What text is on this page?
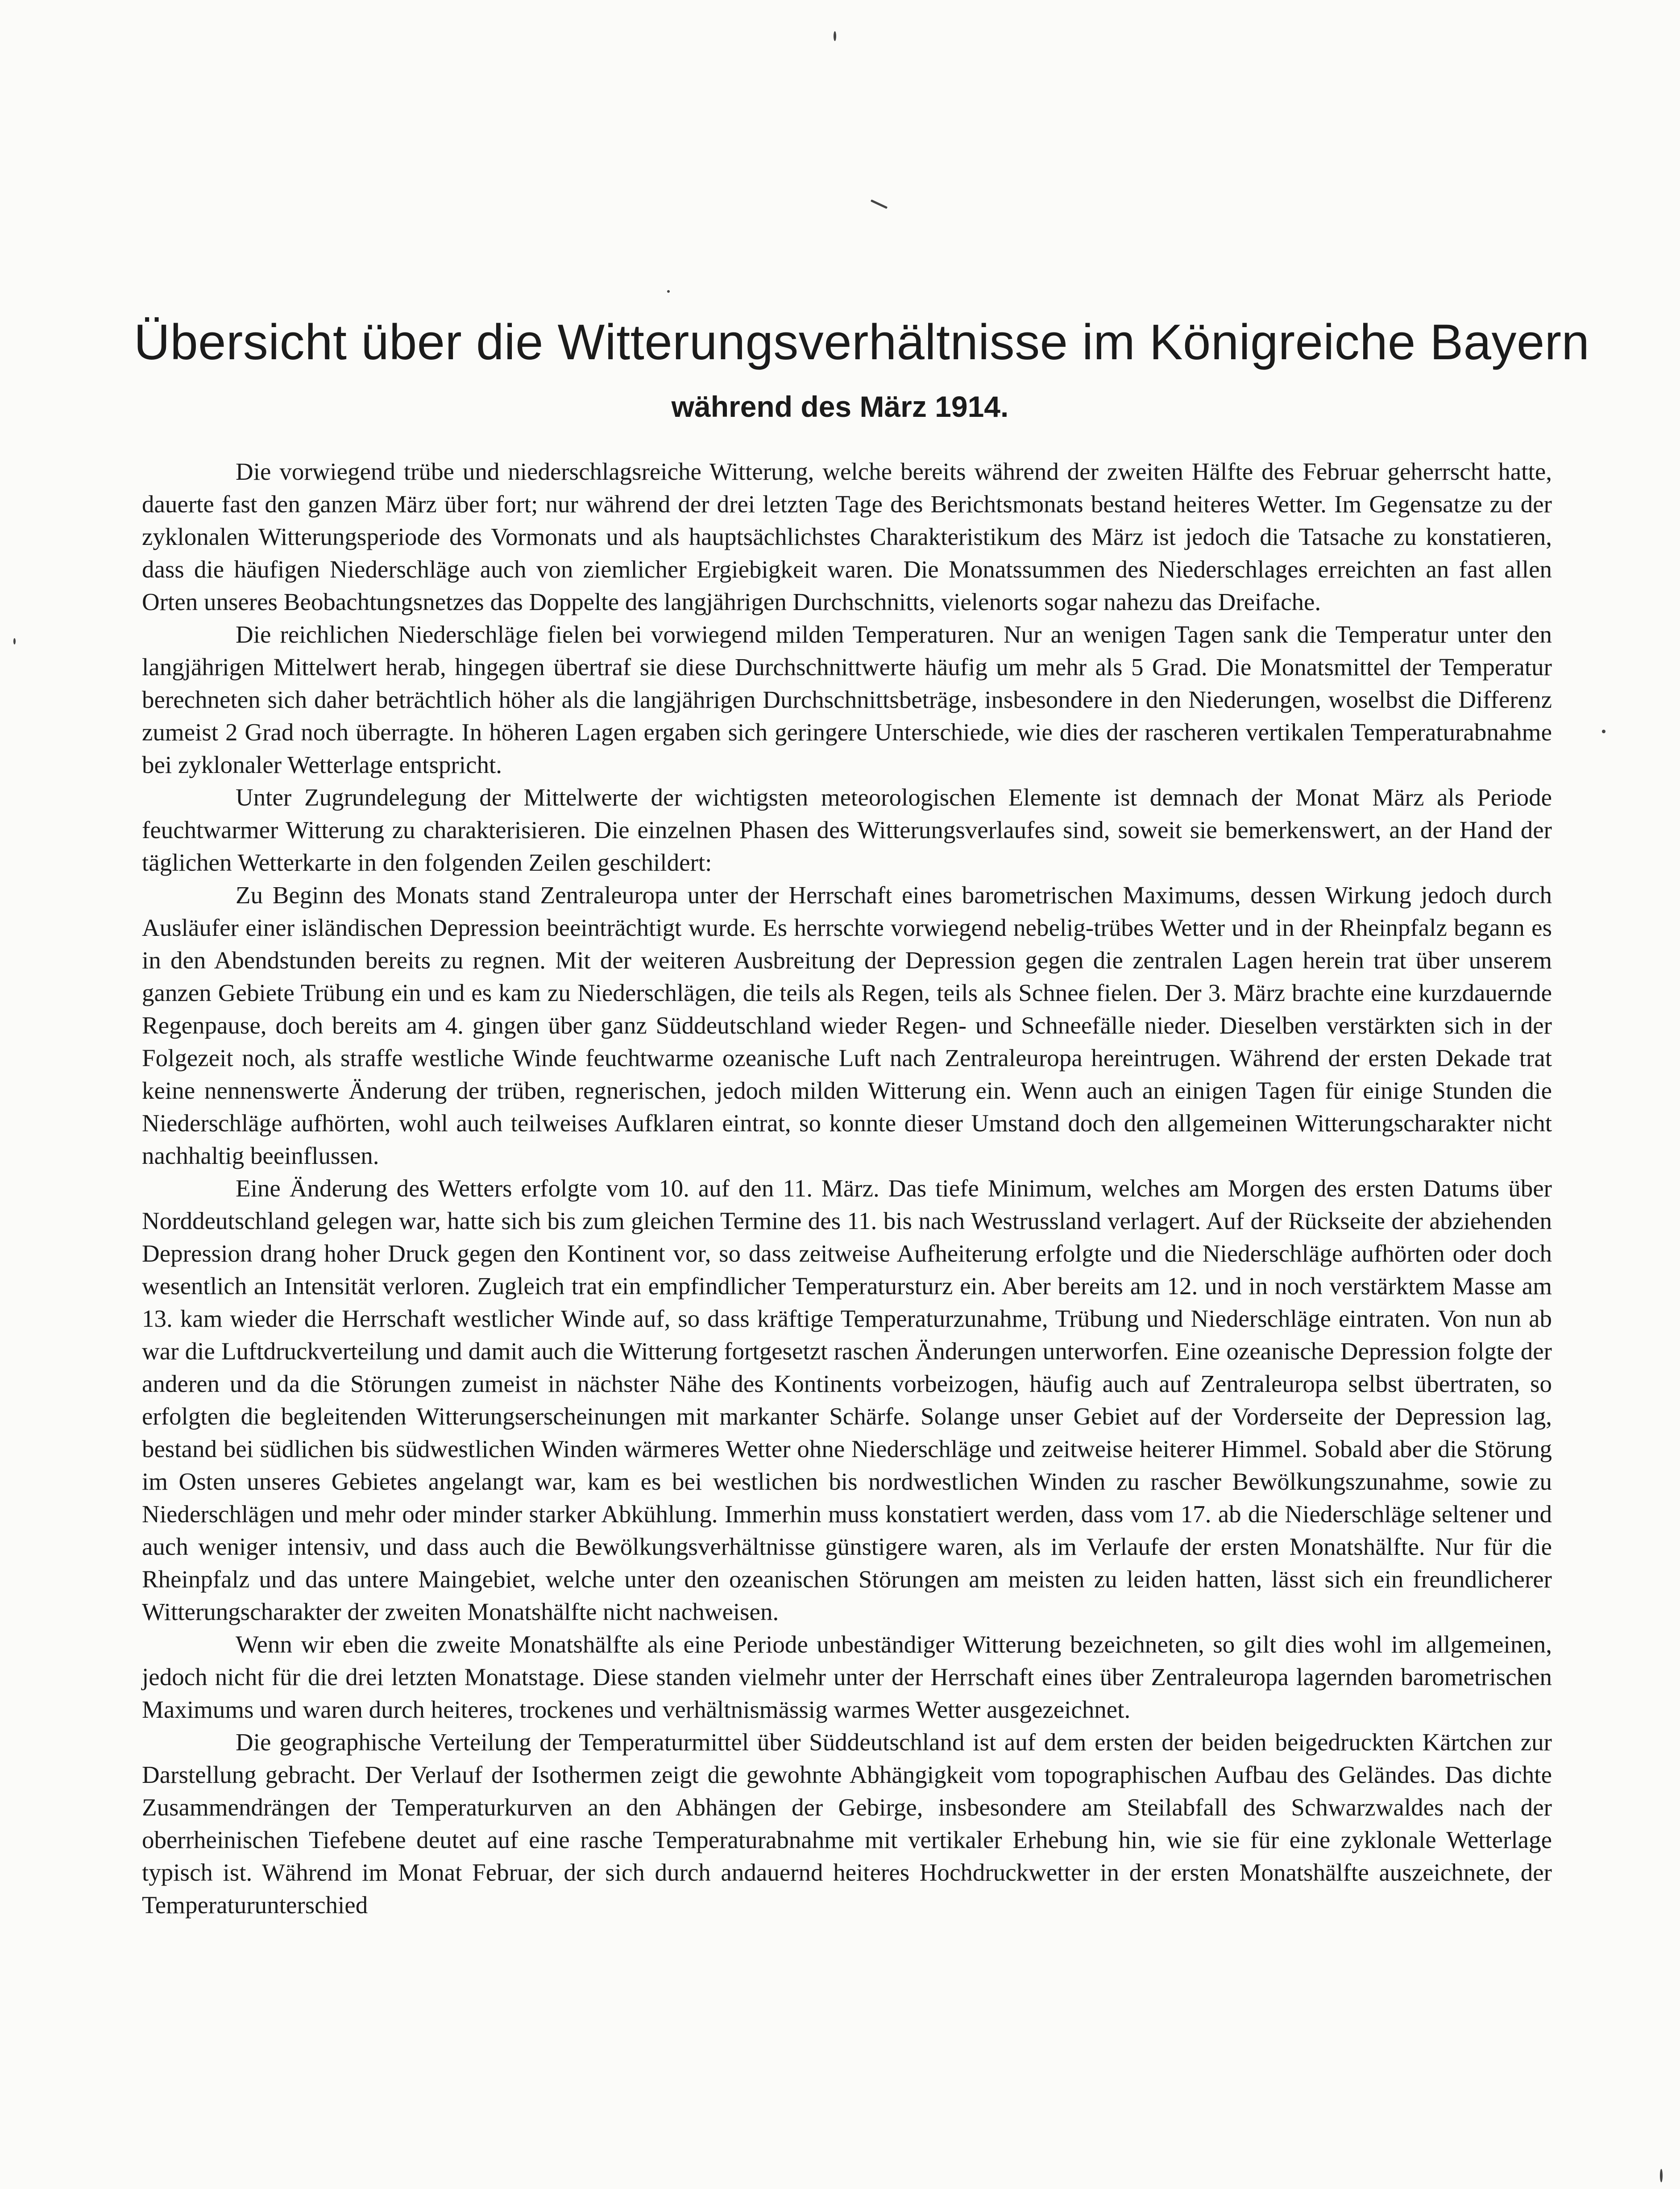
Übersicht über die Witterungsverhältnisse im Königreiche Bayern
während des März 1914.

Die vorwiegend trübe und niederschlagsreiche Witterung, welche bereits während der zweiten Hälfte des Februar geherrscht hatte, dauerte fast den ganzen März über fort; nur während der drei letzten Tage des Berichtsmonats bestand heiteres Wetter. Im Gegensatze zu der zyklonalen Witterungsperiode des Vormonats und als hauptsächlichstes Charakteristikum des März ist jedoch die Tatsache zu konstatieren, dass die häufigen Niederschläge auch von ziemlicher Ergiebigkeit waren. Die Monatssummen des Niederschlages erreichten an fast allen Orten unseres Beobachtungsnetzes das Doppelte des langjährigen Durchschnitts, vielenorts sogar nahezu das Dreifache.

Die reichlichen Niederschläge fielen bei vorwiegend milden Temperaturen. Nur an wenigen Tagen sank die Temperatur unter den langjährigen Mittelwert herab, hingegen übertraf sie diese Durchschnittwerte häufig um mehr als 5 Grad. Die Monatsmittel der Temperatur berechneten sich daher beträchtlich höher als die langjährigen Durchschnittsbeträge, insbesondere in den Niederungen, woselbst die Differenz zumeist 2 Grad noch überragte. In höheren Lagen ergaben sich geringere Unterschiede, wie dies der rascheren vertikalen Temperaturabnahme bei zyklonaler Wetterlage entspricht.

Unter Zugrundelegung der Mittelwerte der wichtigsten meteorologischen Elemente ist demnach der Monat März als Periode feuchtwarmer Witterung zu charakterisieren. Die einzelnen Phasen des Witterungsverlaufes sind, soweit sie bemerkenswert, an der Hand der täglichen Wetterkarte in den folgenden Zeilen geschildert:

Zu Beginn des Monats stand Zentraleuropa unter der Herrschaft eines barometrischen Maximums, dessen Wirkung jedoch durch Ausläufer einer isländischen Depression beeinträchtigt wurde. Es herrschte vorwiegend nebelig-trübes Wetter und in der Rheinpfalz begann es in den Abendstunden bereits zu regnen. Mit der weiteren Ausbreitung der Depression gegen die zentralen Lagen herein trat über unserem ganzen Gebiete Trübung ein und es kam zu Niederschlägen, die teils als Regen, teils als Schnee fielen. Der 3. März brachte eine kurzdauernde Regenpause, doch bereits am 4. gingen über ganz Süddeutschland wieder Regen- und Schneefälle nieder. Dieselben verstärkten sich in der Folgezeit noch, als straffe westliche Winde feuchtwarme ozeanische Luft nach Zentraleuropa hereintrugen. Während der ersten Dekade trat keine nennenswerte Änderung der trüben, regnerischen, jedoch milden Witterung ein. Wenn auch an einigen Tagen für einige Stunden die Niederschläge aufhörten, wohl auch teilweises Aufklaren eintrat, so konnte dieser Umstand doch den allgemeinen Witterungscharakter nicht nachhaltig beeinflussen.

Eine Änderung des Wetters erfolgte vom 10. auf den 11. März. Das tiefe Minimum, welches am Morgen des ersten Datums über Norddeutschland gelegen war, hatte sich bis zum gleichen Termine des 11. bis nach Westrussland verlagert. Auf der Rückseite der abziehenden Depression drang hoher Druck gegen den Kontinent vor, so dass zeitweise Aufheiterung erfolgte und die Niederschläge aufhörten oder doch wesentlich an Intensität verloren. Zugleich trat ein empfindlicher Temperatursturz ein. Aber bereits am 12. und in noch verstärktem Masse am 13. kam wieder die Herrschaft westlicher Winde auf, so dass kräftige Temperaturzunahme, Trübung und Niederschläge eintraten. Von nun ab war die Luftdruckverteilung und damit auch die Witterung fortgesetzt raschen Änderungen unterworfen. Eine ozeanische Depression folgte der anderen und da die Störungen zumeist in nächster Nähe des Kontinents vorbeizogen, häufig auch auf Zentraleuropa selbst übertraten, so erfolgten die begleitenden Witterungserscheinungen mit markanter Schärfe. Solange unser Gebiet auf der Vorderseite der Depression lag, bestand bei südlichen bis südwestlichen Winden wärmeres Wetter ohne Niederschläge und zeitweise heiterer Himmel. Sobald aber die Störung im Osten unseres Gebietes angelangt war, kam es bei westlichen bis nordwestlichen Winden zu rascher Bewölkungszunahme, sowie zu Niederschlägen und mehr oder minder starker Abkühlung. Immerhin muss konstatiert werden, dass vom 17. ab die Niederschläge seltener und auch weniger intensiv, und dass auch die Bewölkungsverhältnisse günstigere waren, als im Verlaufe der ersten Monatshälfte. Nur für die Rheinpfalz und das untere Maingebiet, welche unter den ozeanischen Störungen am meisten zu leiden hatten, lässt sich ein freundlicherer Witterungscharakter der zweiten Monatshälfte nicht nachweisen.

Wenn wir eben die zweite Monatshälfte als eine Periode unbeständiger Witterung bezeichneten, so gilt dies wohl im allgemeinen, jedoch nicht für die drei letzten Monatstage. Diese standen vielmehr unter der Herrschaft eines über Zentraleuropa lagernden barometrischen Maximums und waren durch heiteres, trockenes und verhältnismässig warmes Wetter ausgezeichnet.

Die geographische Verteilung der Temperaturmittel über Süddeutschland ist auf dem ersten der beiden beigedruckten Kärtchen zur Darstellung gebracht. Der Verlauf der Isothermen zeigt die gewohnte Abhängigkeit vom topographischen Aufbau des Geländes. Das dichte Zusammendrängen der Temperaturkurven an den Abhängen der Gebirge, insbesondere am Steilabfall des Schwarzwaldes nach der oberrheinischen Tiefebene deutet auf eine rasche Temperaturabnahme mit vertikaler Erhebung hin, wie sie für eine zyklonale Wetterlage typisch ist. Während im Monat Februar, der sich durch andauernd heiteres Hochdruckwetter in der ersten Monatshälfte auszeichnete, der Temperaturunterschied
